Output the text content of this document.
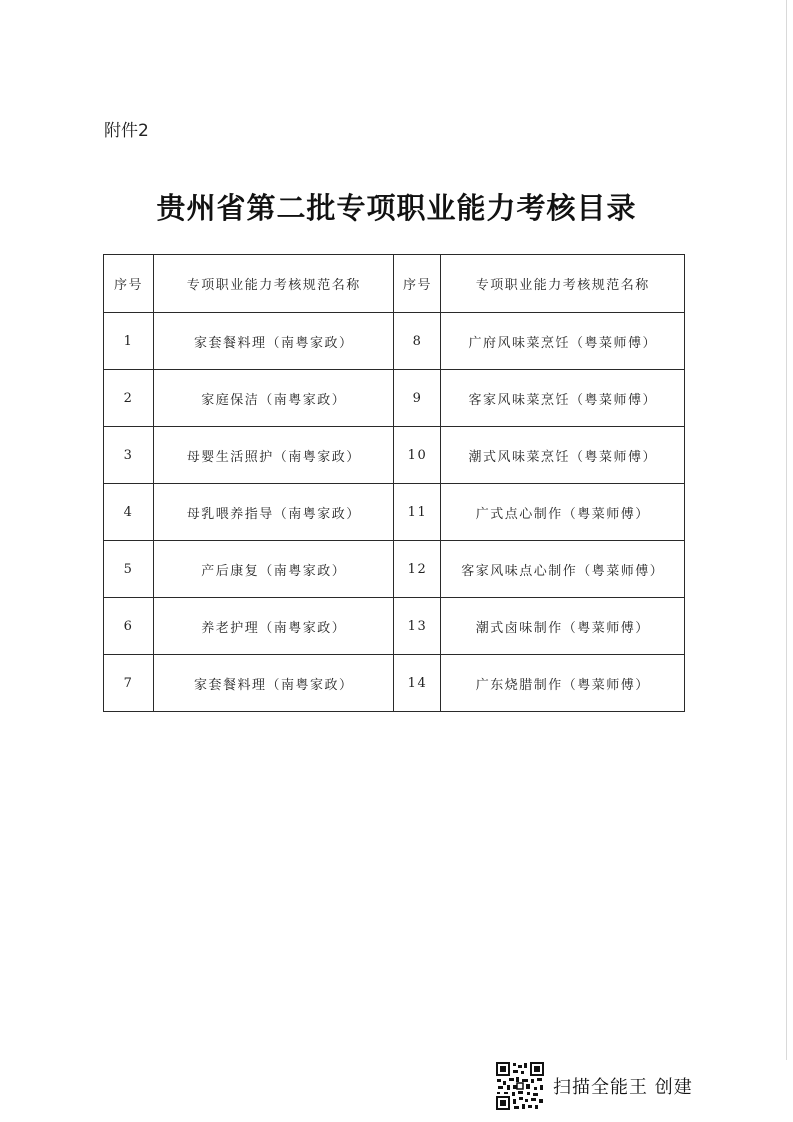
附件2
贵州省第二批专项职业能力考核目录
序号	专项职业能力考核规范名称	序号	专项职业能力考核规范名称
1	家套餐料理（南粤家政）	8	广府风味菜烹饪（粤菜师傅）
2	家庭保洁（南粤家政）	9	客家风味菜烹饪（粤菜师傅）
3	母婴生活照护（南粤家政）	10	潮式风味菜烹饪（粤菜师傅）
4	母乳喂养指导（南粤家政）	11	广式点心制作（粤菜师傅）
5	产后康复（南粤家政）	12	客家风味点心制作（粤菜师傅）
6	养老护理（南粤家政）	13	潮式卤味制作（粤菜师傅）
7	家套餐料理（南粤家政）	14	广东烧腊制作（粤菜师傅）
扫描全能王 创建
